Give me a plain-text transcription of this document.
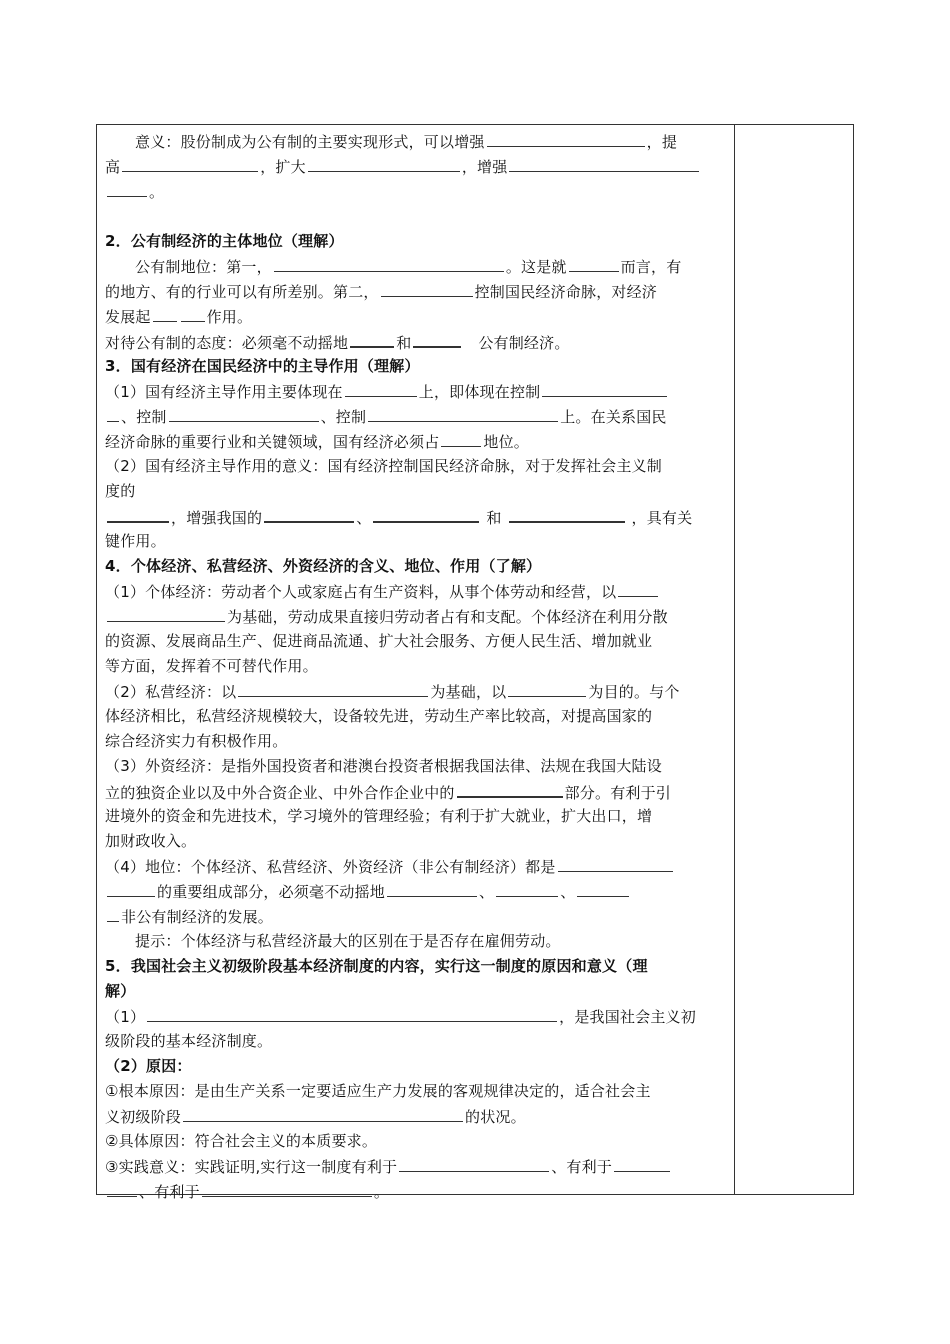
意义：股份制成为公有制的主要实现形式，可以增强	，提
高	，扩大	，增强
。
2．公有制经济的主体地位（理解）
公有制地位：第一，	。这是就	而言，有
的地方、有的行业可以有所差别。第二，	控制国民经济命脉，对经济
发展起	作用。
对待公有制的态度：必须毫不动摇地	和	公有制经济。
3．国有经济在国民经济中的主导作用（理解）
（1）国有经济主导作用主要体现在	上，即体现在控制
、控制	、控制	上。在关系国民
经济命脉的重要行业和关键领域，国有经济必须占	地位。
（2）国有经济主导作用的意义：国有经济控制国民经济命脉，对于发挥社会主义制
度的
，增强我国的	、	和	，具有关
键作用。
4．个体经济、私营经济、外资经济的含义、地位、作用（了解）
（1）个体经济：劳动者个人或家庭占有生产资料，从事个体劳动和经营，以
为基础，劳动成果直接归劳动者占有和支配。个体经济在利用分散
的资源、发展商品生产、促进商品流通、扩大社会服务、方便人民生活、增加就业
等方面，发挥着不可替代作用。
（2）私营经济：以	为基础，以	为目的。与个
体经济相比，私营经济规模较大，设备较先进，劳动生产率比较高，对提高国家的
综合经济实力有积极作用。
（3）外资经济：是指外国投资者和港澳台投资者根据我国法律、法规在我国大陆设
立的独资企业以及中外合资企业、中外合作企业中的	部分。有利于引
进境外的资金和先进技术，学习境外的管理经验；有利于扩大就业，扩大出口，增
加财政收入。
（4）地位：个体经济、私营经济、外资经济（非公有制经济）都是
的重要组成部分，必须毫不动摇地	、	、
非公有制经济的发展。
提示：个体经济与私营经济最大的区别在于是否存在雇佣劳动。
5．我国社会主义初级阶段基本经济制度的内容，实行这一制度的原因和意义（理
解）
（1）	，是我国社会主义初
级阶段的基本经济制度。
（2）原因：
①根本原因：是由生产关系一定要适应生产力发展的客观规律决定的，适合社会主
义初级阶段	的状况。
②具体原因：符合社会主义的本质要求。
③实践意义：实践证明,实行这一制度有利于	、有利于
、有利于	。
